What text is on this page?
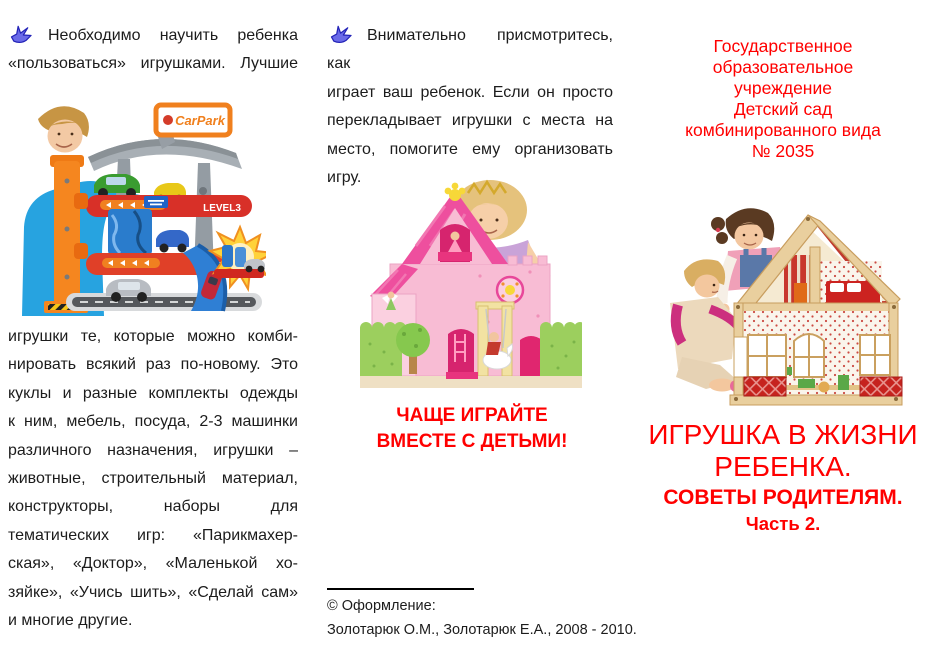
Необходимо научить ребенка
«пользоваться» игрушками. Лучшие
CarPark
LEVEL3
игрушки те, которые можно комби-
нировать всякий раз по-новому. Это
куклы и разные комплекты одежды
к ним, мебель, посуда, 2-3 машинки
различного назначения, игрушки –
животные, строительный материал,
конструкторы, наборы для
тематических игр: «Парикмахер-
ская», «Доктор», «Маленькой хо-
зяйке», «Учись шить», «Сделай сам»
и многие другие.
Внимательно присмотритесь, как
играет ваш ребенок. Если он просто
перекладывает игрушки с места на
место, помогите ему организовать
игру.
ЧАЩЕ ИГРАЙТЕ
ВМЕСТЕ С ДЕТЬМИ!
© Оформление:
Золотарюк О.М., Золотарюк Е.А., 2008 - 2010.
Государственное
образовательное
учреждение
Детский сад
комбинированного вида
№ 2035
ИГРУШКА В ЖИЗНИ
РЕБЕНКА.
СОВЕТЫ РОДИТЕЛЯМ.
Часть 2.
